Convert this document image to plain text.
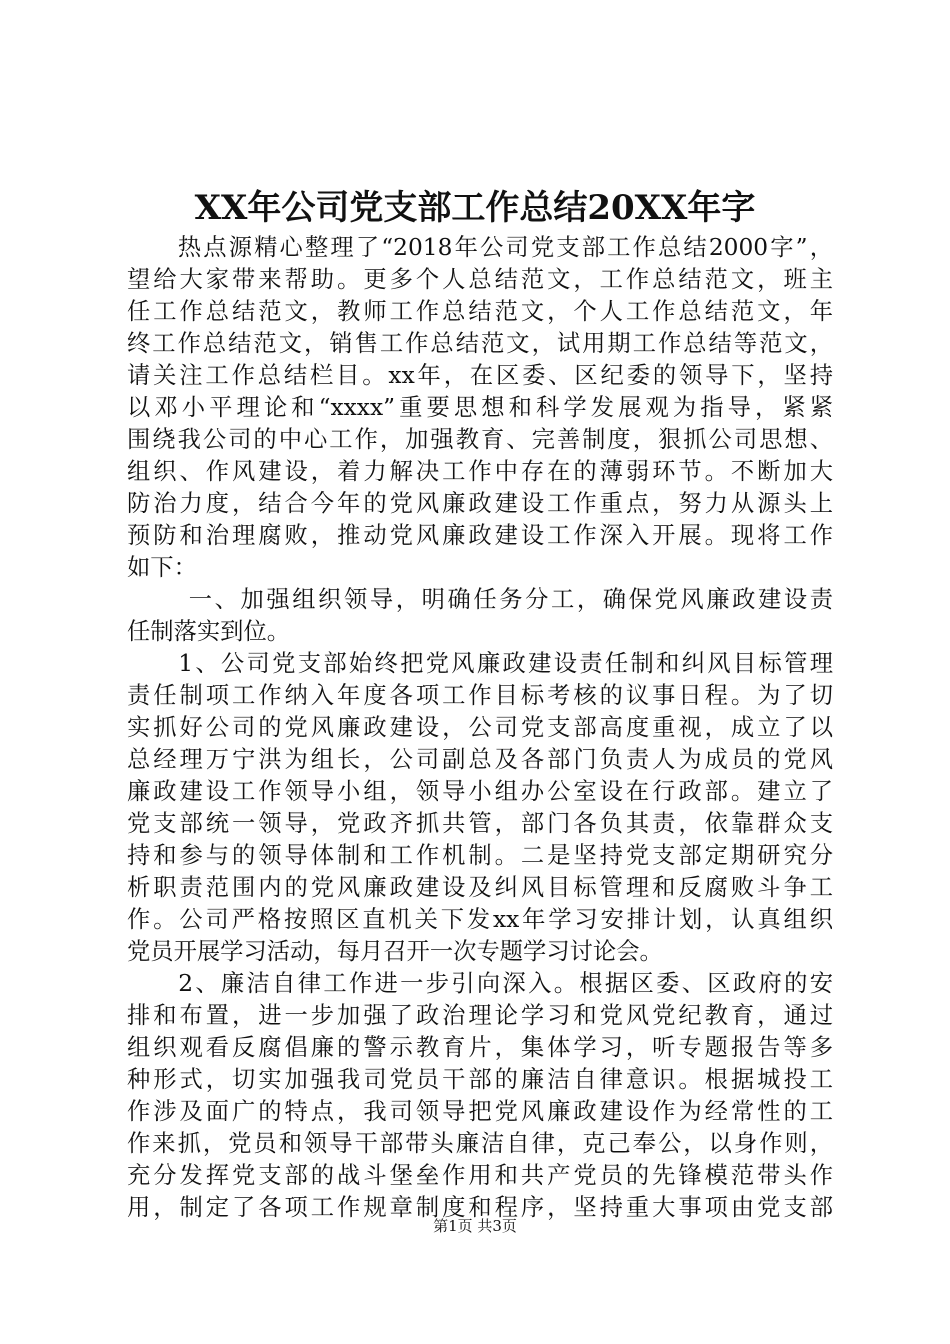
XX年公司党支部工作总结20XX年字
　　热点源精心整理了“2018年公司党支部工作总结2000字”，
望给大家带来帮助。更多个人总结范文，工作总结范文，班主
任工作总结范文，教师工作总结范文，个人工作总结范文，年
终工作总结范文，销售工作总结范文，试用期工作总结等范文，
请关注工作总结栏目。xx年，在区委、区纪委的领导下，坚持
以邓小平理论和“xxxx”重要思想和科学发展观为指导，紧紧
围绕我公司的中心工作，加强教育、完善制度，狠抓公司思想、
组织、作风建设，着力解决工作中存在的薄弱环节。不断加大
防治力度，结合今年的党风廉政建设工作重点，努力从源头上
预防和治理腐败，推动党风廉政建设工作深入开展。现将工作
如下：
　　 一、加强组织领导，明确任务分工，确保党风廉政建设责
任制落实到位。
　　1、公司党支部始终把党风廉政建设责任制和纠风目标管理
责任制项工作纳入年度各项工作目标考核的议事日程。为了切
实抓好公司的党风廉政建设，公司党支部高度重视，成立了以
总经理万宁洪为组长，公司副总及各部门负责人为成员的党风
廉政建设工作领导小组，领导小组办公室设在行政部。建立了
党支部统一领导，党政齐抓共管，部门各负其责，依靠群众支
持和参与的领导体制和工作机制。二是坚持党支部定期研究分
析职责范围内的党风廉政建设及纠风目标管理和反腐败斗争工
作。公司严格按照区直机关下发xx年学习安排计划，认真组织
党员开展学习活动，每月召开一次专题学习讨论会。
　　2、廉洁自律工作进一步引向深入。根据区委、区政府的安
排和布置，进一步加强了政治理论学习和党风党纪教育，通过
组织观看反腐倡廉的警示教育片，集体学习，听专题报告等多
种形式，切实加强我司党员干部的廉洁自律意识。根据城投工
作涉及面广的特点，我司领导把党风廉政建设作为经常性的工
作来抓，党员和领导干部带头廉洁自律，克己奉公，以身作则，
充分发挥党支部的战斗堡垒作用和共产党员的先锋模范带头作
用，制定了各项工作规章制度和程序，坚持重大事项由党支部
第1页 共3页
